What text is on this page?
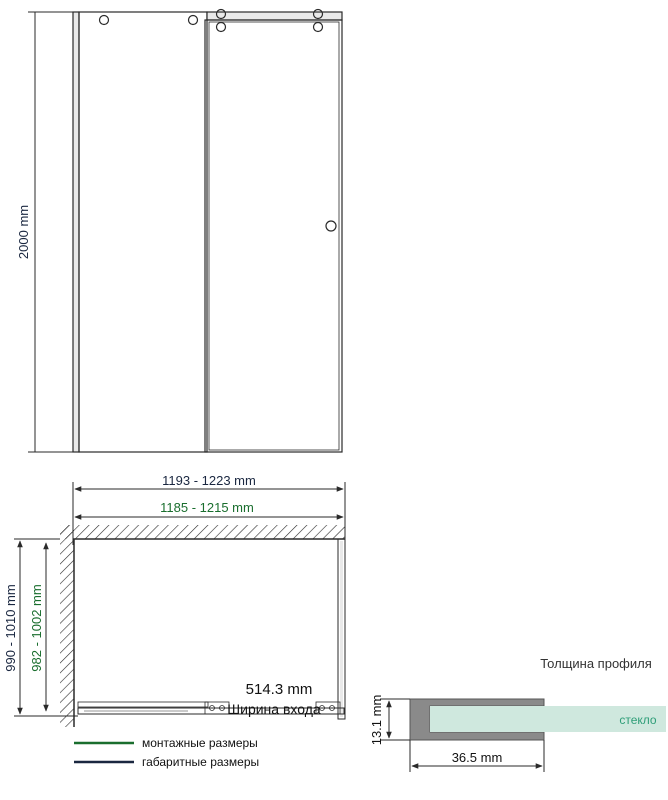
2000 mm
1193 - 1223 mm
1185 - 1215 mm
990 - 1010 mm 982 - 1002 mm
514.3 mm
Ширина входа
Толщина профиля
стекло
13.1 mm
36.5 mm
монтажные размеры
габаритные размеры
